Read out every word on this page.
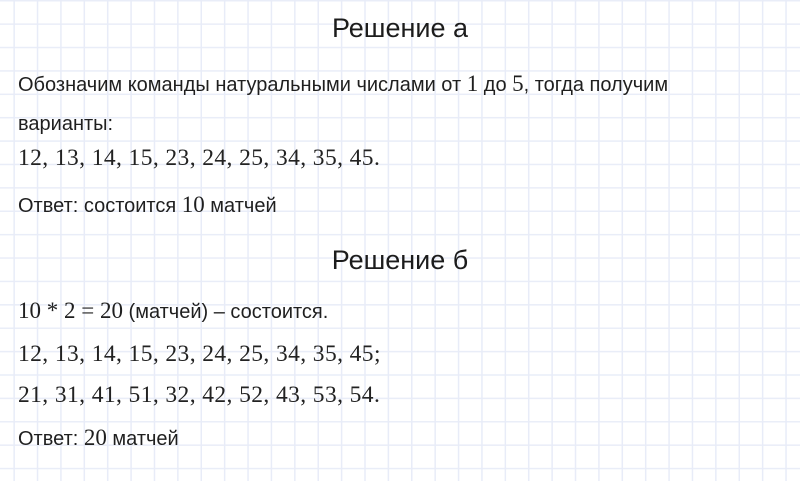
Решение а

Обозначим команды натуральными числами от 1 до 5, тогда получим

варианты:

12, 13, 14, 15, 23, 24, 25, 34, 35, 45.

Ответ: состоится 10 матчей

Решение б

10 * 2 = 20 (матчей) – состоится.

12, 13, 14, 15, 23, 24, 25, 34, 35, 45;

21, 31, 41, 51, 32, 42, 52, 43, 53, 54.

Ответ: 20 матчей
